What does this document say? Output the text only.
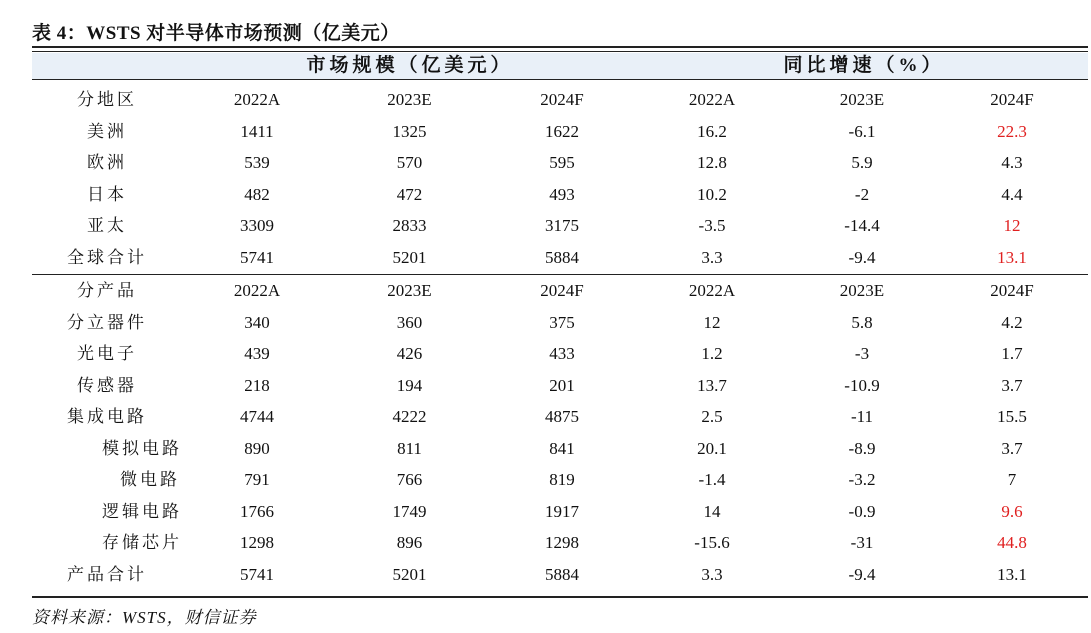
表 4：WSTS 对半导体市场预测（亿美元）
市场规模（亿美元）	同比增速（%）
分地区	2022A	2023E	2024F	2022A	2023E	2024F
美洲	1411	1325	1622	16.2	-6.1	22.3
欧洲	539	570	595	12.8	5.9	4.3
日本	482	472	493	10.2	-2	4.4
亚太	3309	2833	3175	-3.5	-14.4	12
全球合计	5741	5201	5884	3.3	-9.4	13.1
分产品	2022A	2023E	2024F	2022A	2023E	2024F
分立器件	340	360	375	12	5.8	4.2
光电子	439	426	433	1.2	-3	1.7
传感器	218	194	201	13.7	-10.9	3.7
集成电路	4744	4222	4875	2.5	-11	15.5
模拟电路	890	811	841	20.1	-8.9	3.7
微电路	791	766	819	-1.4	-3.2	7
逻辑电路	1766	1749	1917	14	-0.9	9.6
存储芯片	1298	896	1298	-15.6	-31	44.8
产品合计	5741	5201	5884	3.3	-9.4	13.1
资料来源：WSTS，财信证券
